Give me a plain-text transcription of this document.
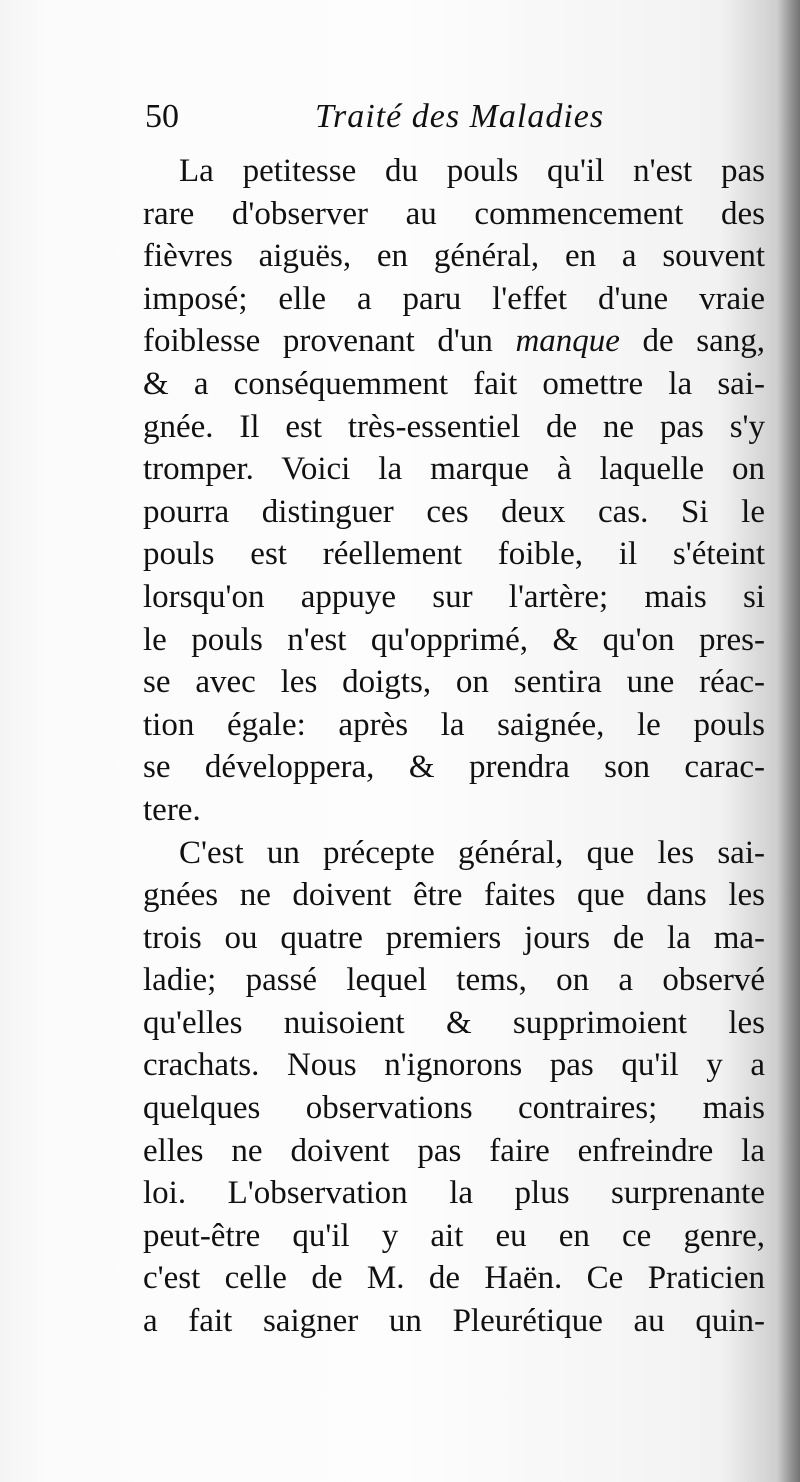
50	Traité des Maladies
La petitesse du pouls qu'il n'est pas
rare d'observer au commencement des
fièvres aiguës, en général, en a souvent
imposé; elle a paru l'effet d'une vraie
foiblesse provenant d'un manque de sang,
& a conséquemment fait omettre la sai-
gnée. Il est très-essentiel de ne pas s'y
tromper. Voici la marque à laquelle on
pourra distinguer ces deux cas. Si le
pouls est réellement foible, il s'éteint
lorsqu'on appuye sur l'artère; mais si
le pouls n'est qu'opprimé, & qu'on pres-
se avec les doigts, on sentira une réac-
tion égale: après la saignée, le pouls
se développera, & prendra son carac-
tere.
C'est un précepte général, que les sai-
gnées ne doivent être faites que dans les
trois ou quatre premiers jours de la ma-
ladie; passé lequel tems, on a observé
qu'elles nuisoient & supprimoient les
crachats. Nous n'ignorons pas qu'il y a
quelques observations contraires; mais
elles ne doivent pas faire enfreindre la
loi. L'observation la plus surprenante
peut-être qu'il y ait eu en ce genre,
c'est celle de M. de Haën. Ce Praticien
a fait saigner un Pleurétique au quin-
